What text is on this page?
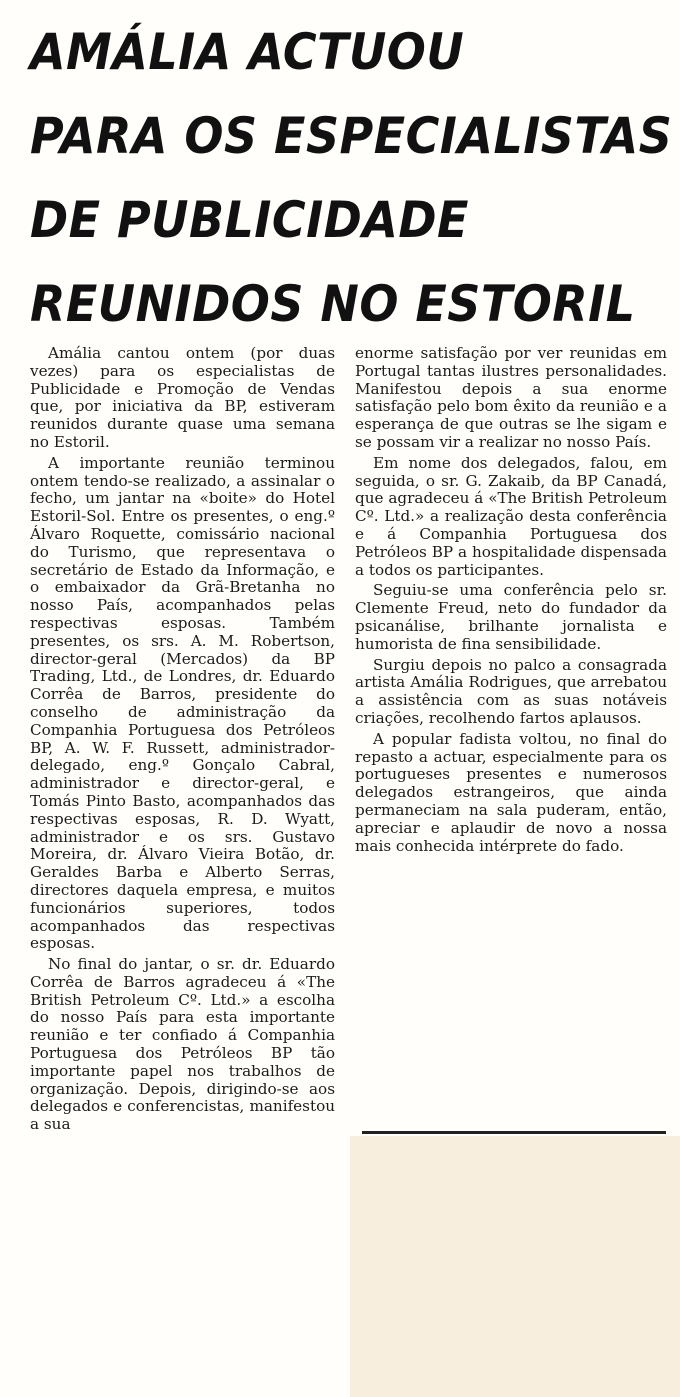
AMÁLIA ACTUOU
PARA OS ESPECIALISTAS
DE PUBLICIDADE
REUNIDOS NO ESTORIL

Amália cantou ontem (por duas vezes) para os especialistas de Publicidade e Promoção de Vendas que, por iniciativa da BP, estiveram reunidos durante quase uma semana no Estoril.

A importante reunião terminou ontem tendo-se realizado, a assinalar o fecho, um jantar na «boite» do Hotel Estoril-Sol. Entre os presentes, o eng.º Álvaro Roquette, comissário nacional do Turismo, que representava o secretário de Estado da Informação, e o embaixador da Grã-Bretanha no nosso País, acompanhados pelas respectivas esposas. Também presentes, os srs. A. M. Robertson, director-geral (Mercados) da BP Trading, Ltd., de Londres, dr. Eduardo Corrêa de Barros, presidente do conselho de administração da Companhia Portuguesa dos Petróleos BP, A. W. F. Russett, administrador-delegado, eng.º Gonçalo Cabral, administrador e director-geral, e Tomás Pinto Basto, acompanhados das respectivas esposas, R. D. Wyatt, administrador e os srs. Gustavo Moreira, dr. Álvaro Vieira Botão, dr. Geraldes Barba e Alberto Serras, directores daquela empresa, e muitos funcionários superiores, todos acompanhados das respectivas esposas.

No final do jantar, o sr. dr. Eduardo Corrêa de Barros agradeceu á «The British Petroleum Cº. Ltd.» a escolha do nosso País para esta importante reunião e ter confiado á Companhia Portuguesa dos Petróleos BP tão importante papel nos trabalhos de organização. Depois, dirigindo-se aos delegados e conferencistas, manifestou a sua

enorme satisfação por ver reunidas em Portugal tantas ilustres personalidades. Manifestou depois a sua enorme satisfação pelo bom êxito da reunião e a esperança de que outras se lhe sigam e se possam vir a realizar no nosso País.

Em nome dos delegados, falou, em seguida, o sr. G. Zakaib, da BP Canadá, que agradeceu á «The British Petroleum Cº. Ltd.» a realização desta conferência e á Companhia Portuguesa dos Petróleos BP a hospitalidade dispensada a todos os participantes.

Seguiu-se uma conferência pelo sr. Clemente Freud, neto do fundador da psicanálise, brilhante jornalista e humorista de fina sensibilidade.

Surgiu depois no palco a consagrada artista Amália Rodrigues, que arrebatou a assistência com as suas notáveis criações, recolhendo fartos aplausos.

A popular fadista voltou, no final do repasto a actuar, especialmente para os portugueses presentes e numerosos delegados estrangeiros, que ainda permaneciam na sala puderam, então, apreciar e aplaudir de novo a nossa mais conhecida intérprete do fado.
